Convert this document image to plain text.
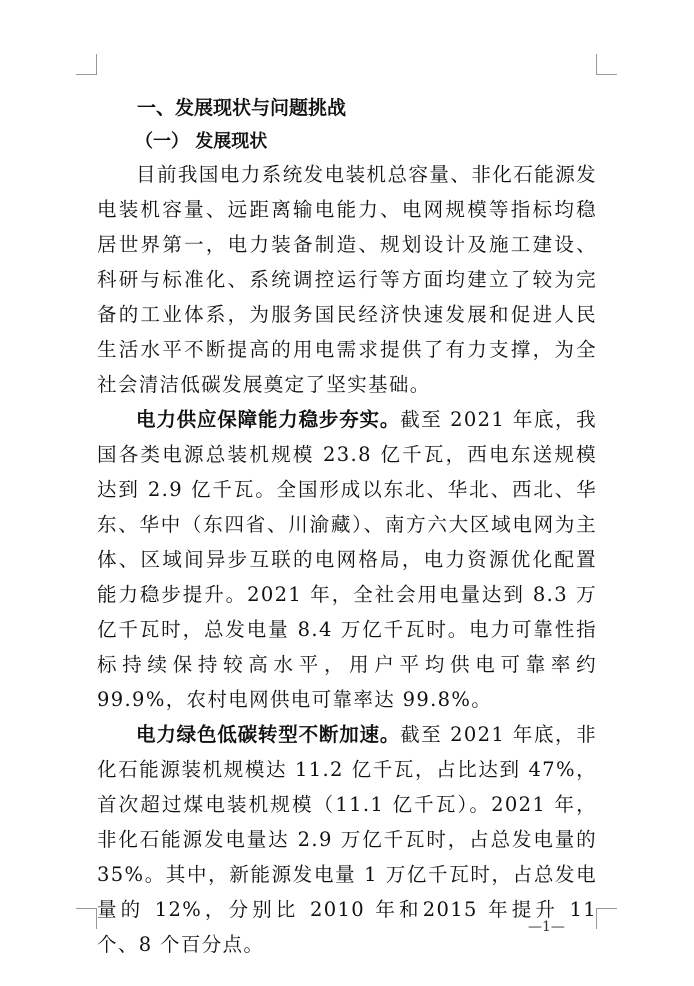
一、发展现状与问题挑战
（一） 发展现状

目前我国电力系统发电装机总容量、非化石能源发电装机容量、远距离输电能力、电网规模等指标均稳居世界第一，电力装备制造、规划设计及施工建设、科研与标准化、系统调控运行等方面均建立了较为完备的工业体系，为服务国民经济快速发展和促进人民生活水平不断提高的用电需求提供了有力支撑，为全社会清洁低碳发展奠定了坚实基础。

电力供应保障能力稳步夯实。截至 2021 年底，我国各类电源总装机规模 23.8 亿千瓦，西电东送规模达到 2.9 亿千瓦。全国形成以东北、华北、西北、华东、华中（东四省、川渝藏）、南方六大区域电网为主体、区域间异步互联的电网格局，电力资源优化配置能力稳步提升。2021 年，全社会用电量达到 8.3 万亿千瓦时，总发电量 8.4 万亿千瓦时。电力可靠性指标持续保持较高水平，用户平均供电可靠率约 99.9%，农村电网供电可靠率达 99.8%。

电力绿色低碳转型不断加速。截至 2021 年底，非化石能源装机规模达 11.2 亿千瓦，占比达到 47%，首次超过煤电装机规模（11.1 亿千瓦）。2021 年，非化石能源发电量达 2.9 万亿千瓦时，占总发电量的 35%。其中，新能源发电量 1 万亿千瓦时，占总发电量的 12%，分别比 2010 年和2015 年提升 11 个、8 个百分点。

—1—
